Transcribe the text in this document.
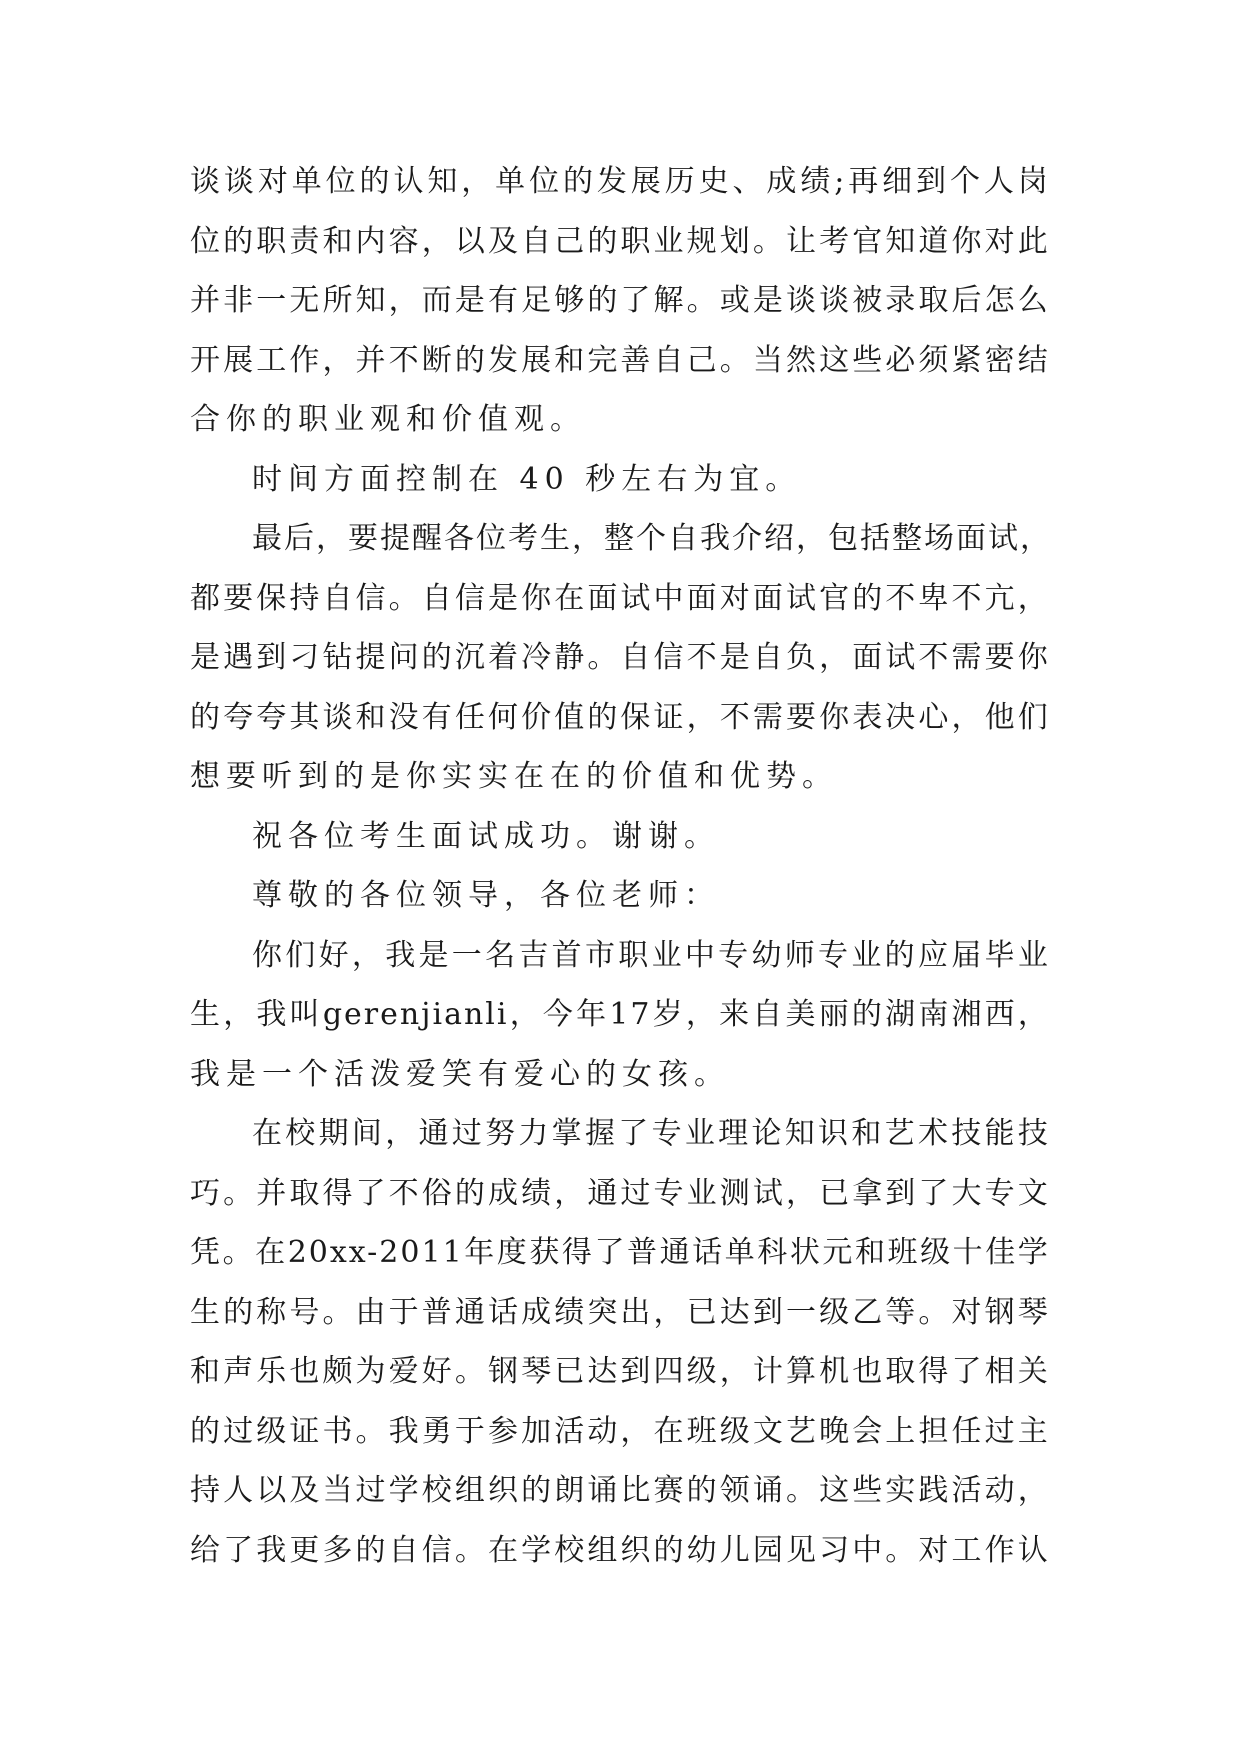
谈 谈 对 单 位 的 认 知 ， 单 位 的 发 展 历 史 、 成 绩 ; 再 细 到 个 人 岗
位 的 职 责 和 内 容 ， 以 及 自 己 的 职 业 规 划 。 让 考 官 知 道 你 对 此
并 非 一 无 所 知 ， 而 是 有 足 够 的 了 解 。 或 是 谈 谈 被 录 取 后 怎 么
开 展 工 作 ， 并 不 断 的 发 展 和 完 善 自 己 。 当 然 这 些 必 须 紧 密 结
合你的职业观和价值观。
时间方面控制在 40 秒左右为宜。
最 后 ， 要 提 醒 各 位 考 生 ， 整 个 自 我 介 绍 ， 包 括 整 场 面 试 ，
都 要 保 持 自 信 。 自 信 是 你 在 面 试 中 面 对 面 试 官 的 不 卑 不 亢 ，
是 遇 到 刁 钻 提 问 的 沉 着 冷 静 。 自 信 不 是 自 负 ， 面 试 不 需 要 你
的 夸 夸 其 谈 和 没 有 任 何 价 值 的 保 证 ， 不 需 要 你 表 决 心 ， 他 们
想要听到的是你实实在在的价值和优势。
祝各位考生面试成功。谢谢。
尊敬的各位领导，各位老师：
你 们 好 ， 我 是 一 名 吉 首 市 职 业 中 专 幼 师 专 业 的 应 届 毕 业
生 ， 我 叫 gerenjianli ， 今 年 17 岁 ， 来 自 美 丽 的 湖 南 湘 西 ，
我是一个活泼爱笑有爱心的女孩。
在 校 期 间 ， 通 过 努 力 掌 握 了 专 业 理 论 知 识 和 艺 术 技 能 技
巧 。 并 取 得 了 不 俗 的 成 绩 ， 通 过 专 业 测 试 ， 已 拿 到 了 大 专 文
凭 。 在 20xx-2011 年 度 获 得 了 普 通 话 单 科 状 元 和 班 级 十 佳 学
生 的 称 号 。 由 于 普 通 话 成 绩 突 出 ， 已 达 到 一 级 乙 等 。 对 钢 琴
和 声 乐 也 颇 为 爱 好 。 钢 琴 已 达 到 四 级 ， 计 算 机 也 取 得 了 相 关
的 过 级 证 书 。 我 勇 于 参 加 活 动 ， 在 班 级 文 艺 晚 会 上 担 任 过 主
持 人 以 及 当 过 学 校 组 织 的 朗 诵 比 赛 的 领 诵 。 这 些 实 践 活 动 ，
给 了 我 更 多 的 自 信 。 在 学 校 组 织 的 幼 儿 园 见 习 中 。 对 工 作 认
